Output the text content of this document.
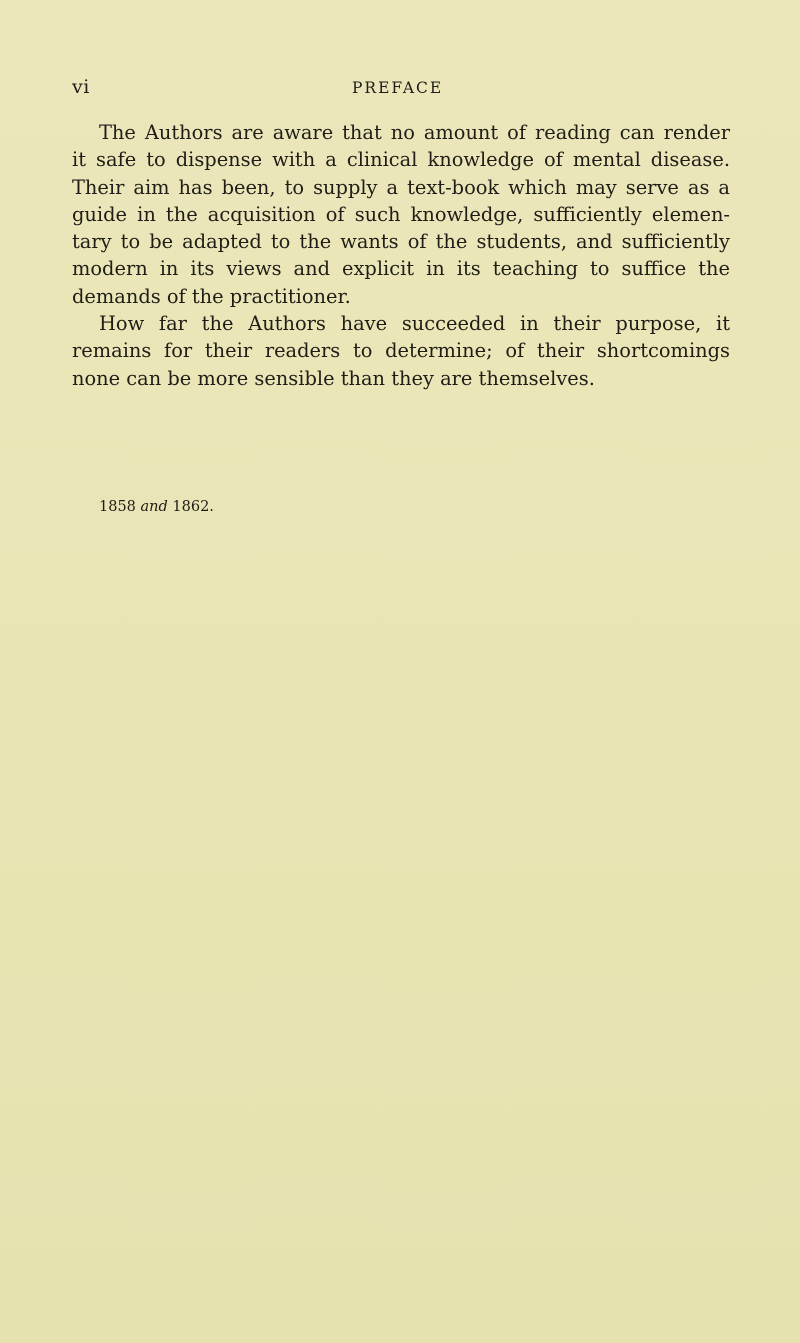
vi	PREFACE
The Authors are aware that no amount of reading can render
it safe to dispense with a clinical knowledge of mental disease.
Their aim has been, to supply a text-book which may serve as a
guide in the acquisition of such knowledge, sufficiently elemen-
tary to be adapted to the wants of the students, and sufficiently
modern in its views and explicit in its teaching to suffice the
demands of the practitioner.
How far the Authors have succeeded in their purpose, it
remains for their readers to determine; of their shortcomings
none can be more sensible than they are themselves.
1858 and 1862.
